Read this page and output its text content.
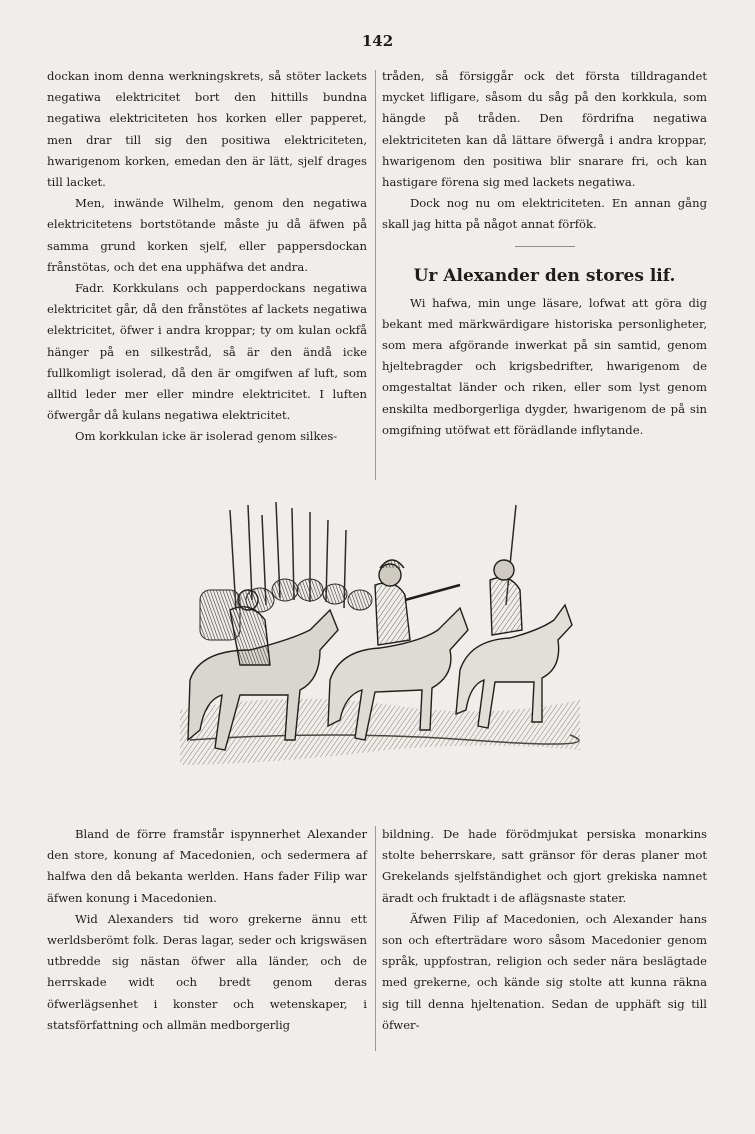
142

dockan inom denna werkningskrets, så stöter lackets negatiwa elektricitet bort den hittills bundna negatiwa elektriciteten hos korken eller papperet, men drar till sig den positiwa elektriciteten, hwarigenom korken, emedan den är lätt, sjelf drages till lacket.

Men, inwände Wilhelm, genom den negatiwa elektricitetens bortstötande måste ju då äfwen på samma grund korken sjelf, eller pappersdockan frånstötas, och det ena upphäfwa det andra.

Fadr. Korkkulans och papperdockans negatiwa elektricitet går, då den frånstötes af lackets negatiwa elektricitet, öfwer i andra kroppar; ty om kulan ockfå hänger på en silkestråd, så är den ändå icke fullkomligt isolerad, då den är omgifwen af luft, som alltid leder mer eller mindre elektricitet. I luften öfwergår då kulans negatiwa elektricitet.

Om korkkulan icke är isolerad genom silkes-

tråden, så försiggår ock det första tilldragandet mycket lifligare, såsom du såg på den korkkula, som hängde på tråden. Den fördrifna negatiwa elektriciteten kan då lättare öfwergå i andra kroppar, hwarigenom den positiwa blir snarare fri, och kan hastigare förena sig med lackets negatiwa.

Dock nog nu om elektriciteten. En annan gång skall jag hitta på något annat förfök.

Ur Alexander den stores lif.

Wi hafwa, min unge läsare, lofwat att göra dig bekant med märkwärdigare historiska personligheter, som mera afgörande inwerkat på sin samtid, genom hjeltebragder och krigsbedrifter, hwarigenom de omgestaltat länder och riken, eller som lyst genom enskilta medborgerliga dygder, hwarigenom de på sin omgifning utöfwat ett förädlande inflytande.

Bland de förre framstår ispynnerhet Alexander den store, konung af Macedonien, och sedermera af halfwa den då bekanta werlden. Hans fader Filip war äfwen konung i Macedonien.

Wid Alexanders tid woro grekerne ännu ett werldsberömt folk. Deras lagar, seder och krigswäsen utbredde sig nästan öfwer alla länder, och de herrskade widt och bredt genom deras öfwerlägsenhet i konster och wetenskaper, i statsförfattning och allmän medborgerlig

bildning. De hade förödmjukat persiska monarkins stolte beherrskare, satt gränsor för deras planer mot Grekelands sjelfständighet och gjort grekiska namnet äradt och fruktadt i de aflägsnaste stater.

Äfwen Filip af Macedonien, och Alexander hans son och efterträdare woro såsom Macedonier genom språk, uppfostran, religion och seder nära beslägtade med grekerne, och kände sig stolte att kunna räkna sig till denna hjeltenation. Sedan de upphäft sig till öfwer-
